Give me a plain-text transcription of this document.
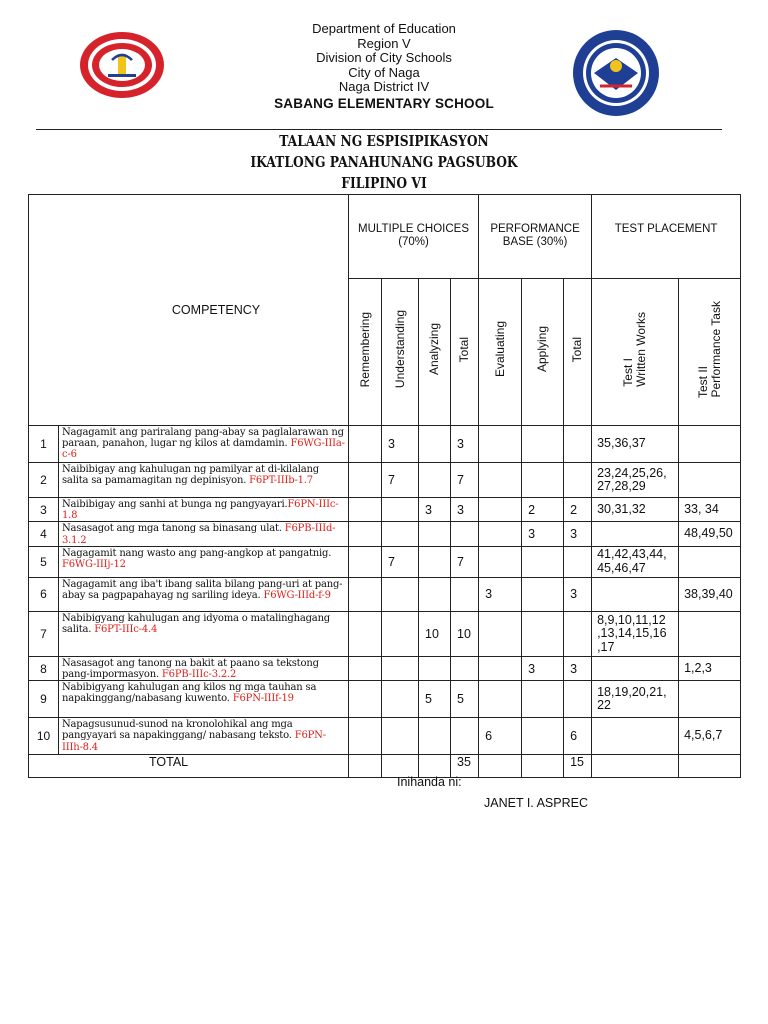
Department of Education
Region V
Division of City Schools
City of Naga
Naga District IV
SABANG ELEMENTARY SCHOOL
TALAAN NG ESPISIPIKASYON
IKATLONG PANAHUNANG PAGSUBOK
FILIPINO VI
COMPETENCY		MULTIPLE CHOICES (70%)				PERFORMANCE BASE (30%)			TEST PLACEMENT	
		Remembering	Understanding	Analyzing	Total	Evaluating	Applying	Total	Test IWritten Works	Test IIPerformance Task
1	Nagagamit ang pariralang pang-abay sa paglalarawan ng paraan, panahon, lugar ng kilos at damdamin. F6WG-IIIa-c-6		3		3				35,36,37	
2	Naibibigay ang kahulugan ng pamilyar at di-kilalang salita sa pamamagitan ng depinisyon. F6PT-IIIb-1.7		7		7				23,24,25,26, 27,28,29	
3	Naibibigay ang sanhi at bunga ng pangyayari.F6PN-IIIc-1.8			3	3		2	2	30,31,32	33, 34
4	Nasasagot ang mga tanong sa binasang ulat. F6PB-IIId-3.1.2						3	3		48,49,50
5	Nagagamit nang wasto ang pang-angkop at pangatnig. F6WG-IIIj-12		7		7				41,42,43,44, 45,46,47	
6	Nagagamit ang iba't ibang salita bilang pang-uri at pang-abay sa pagpapahayag ng sariling ideya. F6WG-IIId-f-9					3		3		38,39,40
7	Nabibigyang kahulugan ang idyoma o matalinghagang salita. F6PT-IIIc-4.4			10	10				8,9,10,11,12 ,13,14,15,16 ,17	
8	Nasasagot ang tanong na bakit at paano sa tekstong pang-impormasyon. F6PB-IIIc-3.2.2						3	3		1,2,3
9	Nabibigyang kahulugan ang kilos ng mga tauhan sa napakinggang/nabasang kuwento. F6PN-IIIf-19			5	5				18,19,20,21, 22	
10	Napagsusunud-sunod na kronolohikal ang mga pangyayari sa napakinggang/ nabasang teksto. F6PN-IIIh-8.4					6		6		4,5,6,7
TOTAL					35			15		
Inihanda ni:
JANET I. ASPREC
